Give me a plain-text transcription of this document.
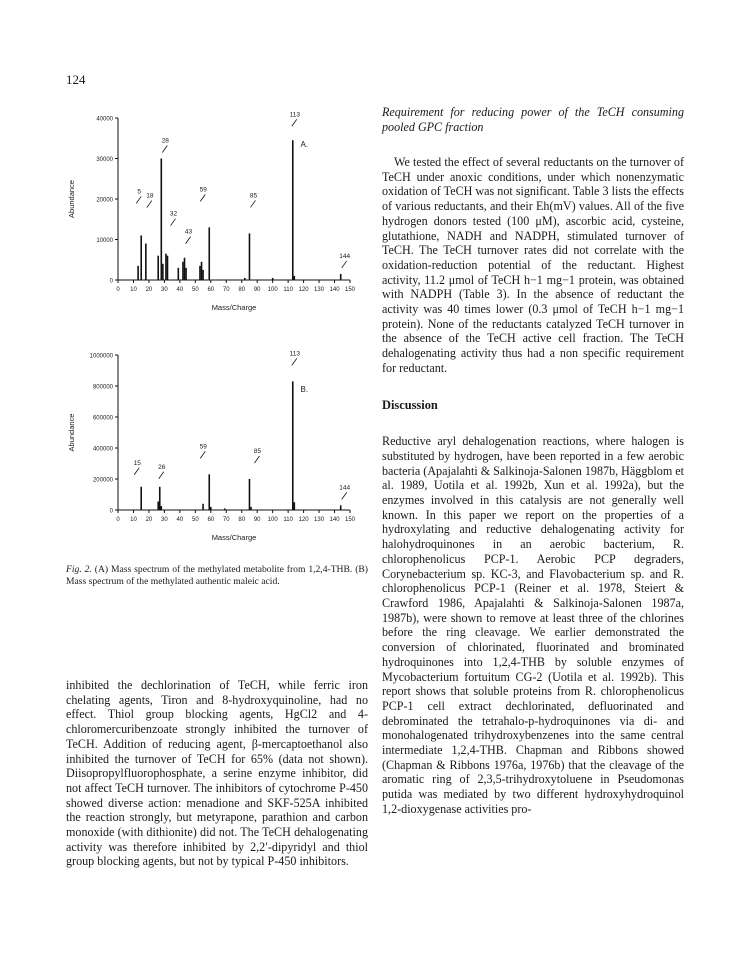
124
0
10000
20000
30000
40000
0 10 20 30 40 50 60 70 80 90 100 110 120 130 140 150
Mass/Charge
Abundance
A.
5
18
28
32
43
59
85
113
144
0
200000
400000
600000
800000
1000000
0 10 20 30 40 50 60 70 80 90 100 110 120 130 140 150
Mass/Charge
Abundance
B.
15
26
59
85
113
144
Fig. 2. (A) Mass spectrum of the methylated metabolite from 1,2,4-THB. (B) Mass spectrum of the methylated authentic maleic acid.

inhibited the dechlorination of TeCH, while ferric iron chelating agents, Tiron and 8-hydroxyquinoline, had no effect. Thiol group blocking agents, HgCl2 and 4-chloromercuribenzoate strongly inhibited the turnover of TeCH. Addition of reducing agent, β-mercaptoethanol also inhibited the turnover of TeCH for 65% (data not shown). Diisopropylfluorophosphate, a serine enzyme inhibitor, did not affect TeCH turnover. The inhibitors of cytochrome P-450 showed diverse action: menadione and SKF-525A inhibited the reaction strongly, but metyrapone, parathion and carbon monoxide (with dithionite) did not. The TeCH dehalogenating activity was therefore inhibited by 2,2′-dipyridyl and thiol group blocking agents, but not by typical P-450 inhibitors.

Requirement for reducing power of the TeCH consuming pooled GPC fraction

We tested the effect of several reductants on the turnover of TeCH under anoxic conditions, under which nonenzymatic oxidation of TeCH was not significant. Table 3 lists the effects of various reductants, and their Eh(mV) values. All of the five hydrogen donors tested (100 μM), ascorbic acid, cysteine, glutathione, NADH and NADPH, stimulated turnover of TeCH. The TeCH turnover rates did not correlate with the oxidation-reduction potential of the reductant. Highest activity, 11.2 μmol of TeCH h−1 mg−1 protein, was obtained with NADPH (Table 3). In the absence of reductant the activity was 40 times lower (0.3 μmol of TeCH h−1 mg−1 protein). None of the reductants catalyzed TeCH turnover in the absence of the TeCH active cell fraction. The TeCH dehalogenating activity thus had a non specific requirement for reductant.

Discussion

Reductive aryl dehalogenation reactions, where halogen is substituted by hydrogen, have been reported in a few aerobic bacteria (Apajalahti & Salkinoja-Salonen 1987b, Häggblom et al. 1989, Uotila et al. 1992b, Xun et al. 1992a), but the enzymes involved in this catalysis are not generally well known. In this paper we report on the properties of a hydroxylating and reductive dehalogenating activity for halohydroquinones in an aerobic bacterium, R. chlorophenolicus PCP-1. Aerobic PCP degraders, Corynebacterium sp. KC-3, and Flavobacterium sp. and R. chlorophenolicus PCP-1 (Reiner et al. 1978, Steiert & Crawford 1986, Apajalahti & Salkinoja-Salonen 1987a, 1987b), were shown to remove at least three of the chlorines before the ring cleavage. We earlier demonstrated the conversion of chlorinated, fluorinated and brominated hydroquinones into 1,2,4-THB by soluble enzymes of Mycobacterium fortuitum CG-2 (Uotila et al. 1992b). This report shows that soluble proteins from R. chlorophenolicus PCP-1 cell extract dechlorinated, defluorinated and debrominated the tetrahalo-p-hydroquinones via di- and monohalogenated trihydroxybenzenes into the same central intermediate 1,2,4-THB. Chapman and Ribbons showed (Chapman & Ribbons 1976a, 1976b) that the cleavage of the aromatic ring of 2,3,5-trihydroxytoluene in Pseudomonas putida was mediated by two different hydroxyhydroquinol 1,2-dioxygenase activities pro-
